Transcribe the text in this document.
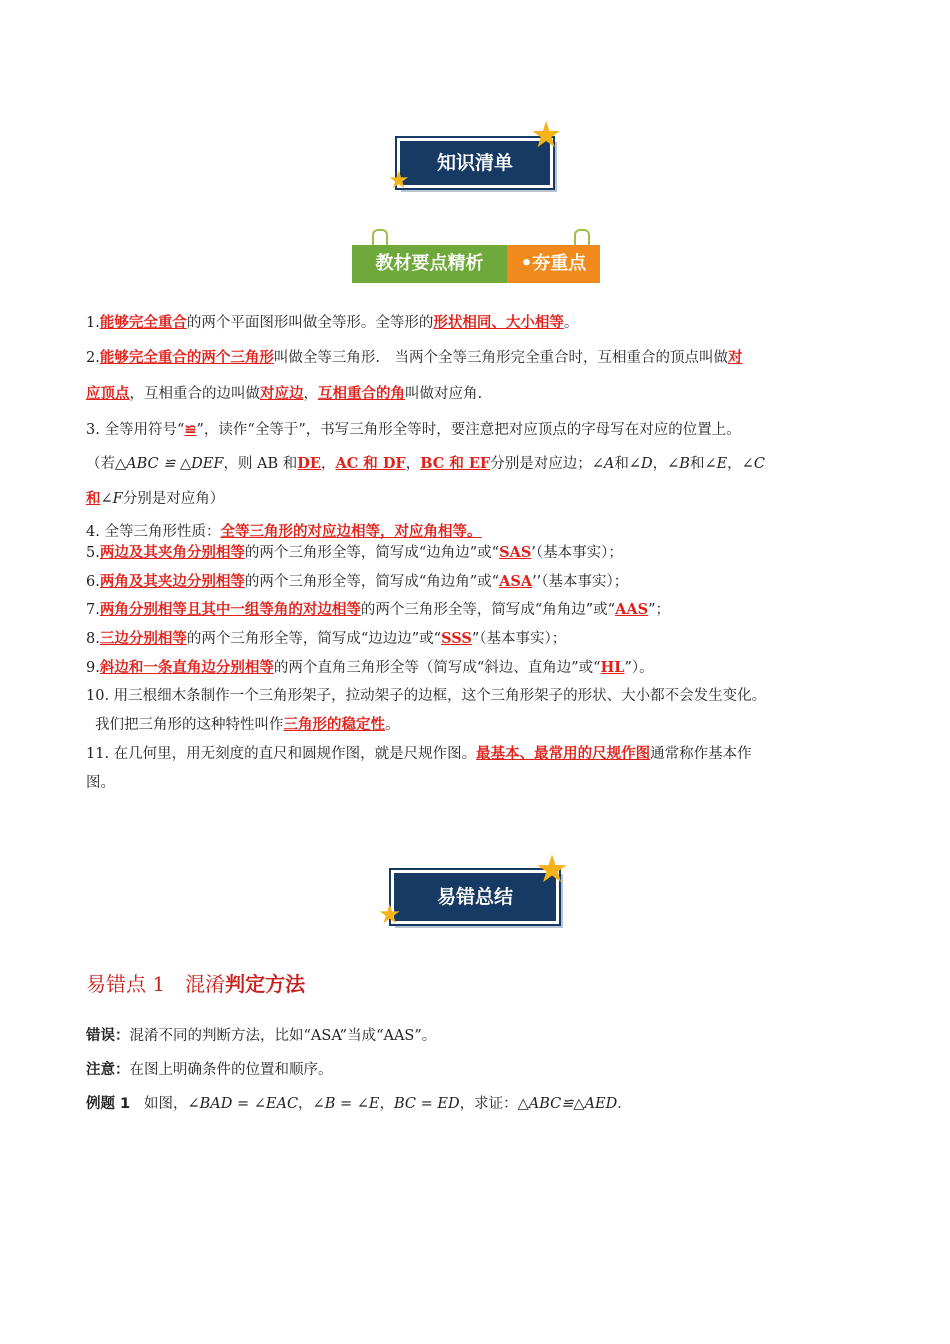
知识清单
★
★
教材要点精析	•夯重点
1.能够完全重合的两个平面图形叫做全等形。全等形的形状相同、大小相等。
2.能够完全重合的两个三角形叫做全等三角形.　当两个全等三角形完全重合时，互相重合的顶点叫做对
应顶点，互相重合的边叫做对应边，互相重合的角叫做对应角.
3. 全等用符号“≌”，读作“全等于”，书写三角形全等时，要注意把对应顶点的字母写在对应的位置上。
（若△ABC ≌ △DEF，则 AB 和DE，AC 和 DF，BC 和 EF分别是对应边；∠A和∠D，∠B和∠E，∠C
和∠F分别是对应角）
4. 全等三角形性质：全等三角形的对应边相等，对应角相等。
5.两边及其夹角分别相等的两个三角形全等，简写成“边角边”或“SAS’（基本事实）；
6.两角及其夹边分别相等的两个三角形全等，简写成“角边角”或“ASA’’（基本事实）；
7.两角分别相等且其中一组等角的对边相等的两个三角形全等，简写成“角角边”或“AAS”；
8.三边分别相等的两个三角形全等，简写成“边边边”或“SSS”（基本事实）；
9.斜边和一条直角边分别相等的两个直角三角形全等（简写成“斜边、直角边”或“HL”）。
10. 用三根细木条制作一个三角形架子，拉动架子的边框，这个三角形架子的形状、大小都不会发生变化。
我们把三角形的这种特性叫作三角形的稳定性。
11. 在几何里，用无刻度的直尺和圆规作图，就是尺规作图。最基本、最常用的尺规作图通常称作基本作
图。
易错总结
★
★
易错点 1　混淆判定方法
错误：混淆不同的判断方法，比如“ASA”当成“AAS”。
注意：在图上明确条件的位置和顺序。
例题 1 如图，∠BAD = ∠EAC，∠B = ∠E，BC = ED，求证：△ABC≌△AED．
